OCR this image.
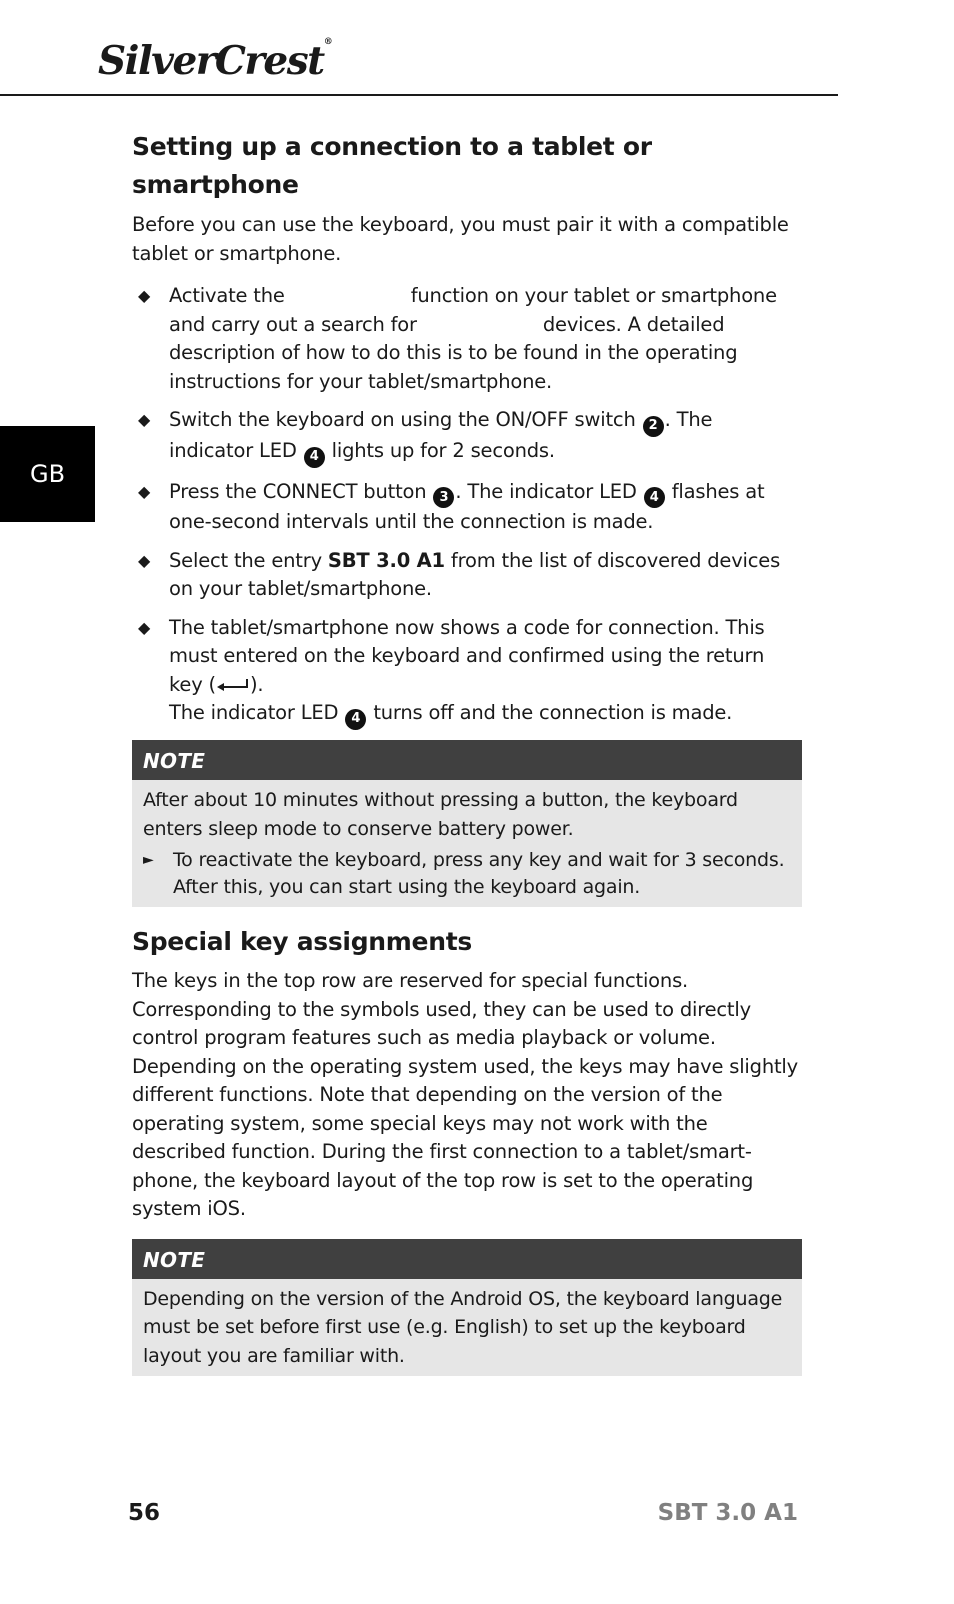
SilverCrest®
GB
Setting up a connection to a tablet or smartphone

Before you can use the keyboard, you must pair it with a compatible tablet or smartphone.

◆ Activate the	function on your tablet or smartphone and carry out a search for	devices. A detailed description of how to do this is to be found in the operating instructions for your tablet/smartphone.
◆ Switch the keyboard on using the ON/OFF switch 2 . The indicator LED 4 lights up for 2 seconds.
◆ Press the CONNECT button 3 . The indicator LED 4 flashes at one-second intervals until the connection is made.
◆ Select the entry SBT 3.0 A1 from the list of discovered devices on your tablet/smartphone.
◆ The tablet/smartphone now shows a code for connection. This must entered on the keyboard and confirmed using the return key ( ).
The indicator LED 4 turns off and the connection is made.
NOTE

After about 10 minutes without pressing a button, the keyboard enters sleep mode to conserve battery power.

► To reactivate the keyboard, press any key and wait for 3 seconds. After this, you can start using the keyboard again.
Special key assignments

The keys in the top row are reserved for special functions. Corresponding to the symbols used, they can be used to directly control program features such as media playback or volume. Depending on the operating system used, the keys may have slightly different functions. Note that depending on the version of the operating system, some special keys may not work with the described function. During the first connection to a tablet/smart-phone, the keyboard layout of the top row is set to the operating system iOS.

NOTE

Depending on the version of the Android OS, the keyboard language must be set before first use (e.g. English) to set up the keyboard layout you are familiar with.

56	SBT 3.0 A1
